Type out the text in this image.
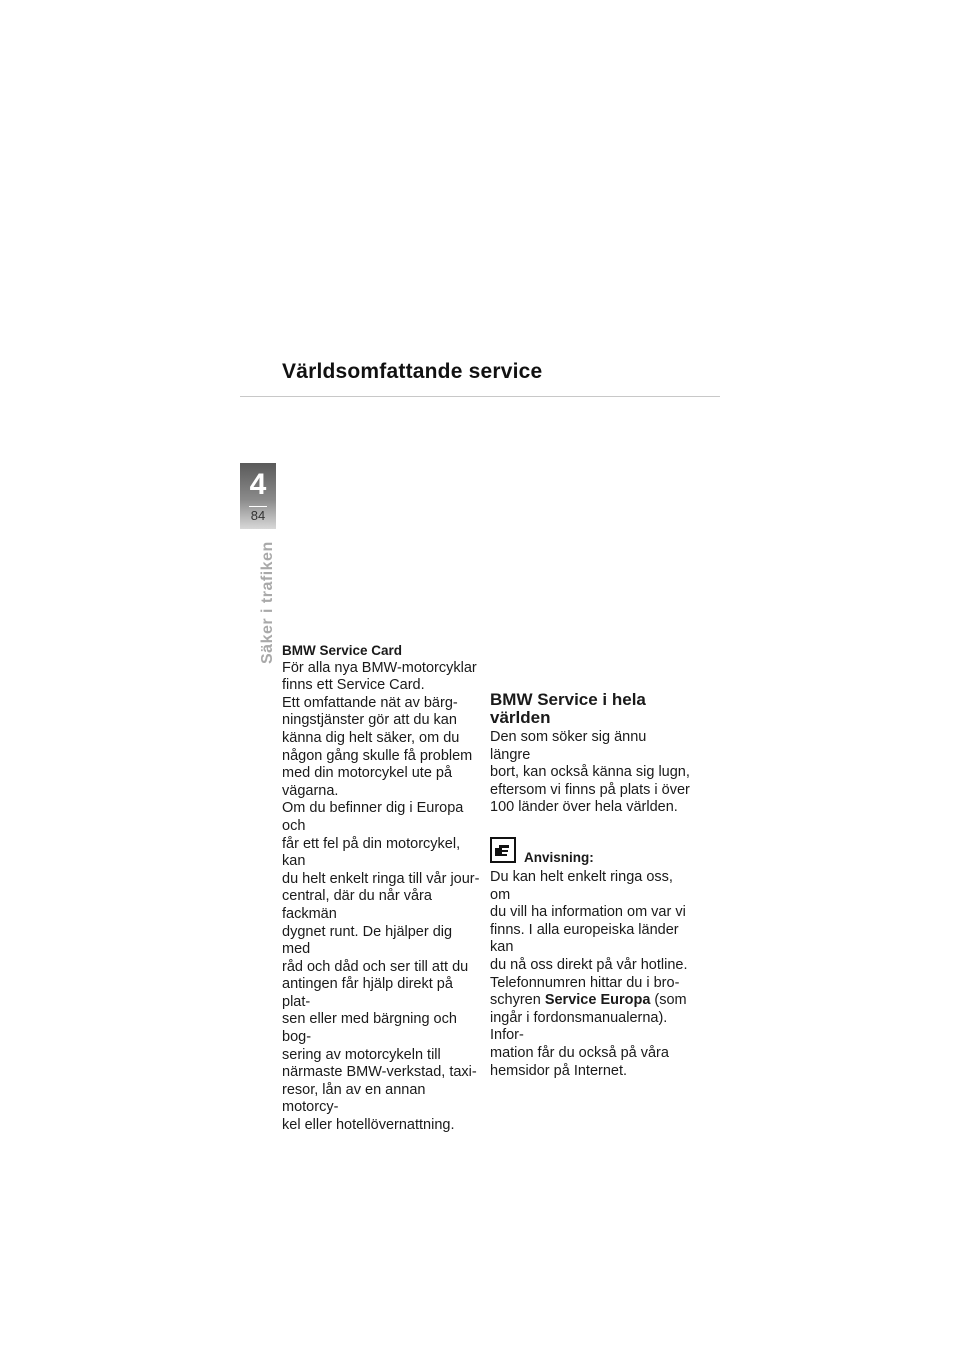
Världsomfattande service
4
84
Säker i trafiken BMW Service Card

För alla nya BMW-motorcyklar
finns ett Service Card.
Ett omfattande nät av bärg-
ningstjänster gör att du kan
känna dig helt säker, om du
någon gång skulle få problem
med din motorcykel ute på
vägarna.
Om du befinner dig i Europa och
får ett fel på din motorcykel, kan
du helt enkelt ringa till vår jour-
central, där du når våra fackmän
dygnet runt. De hjälper dig med
råd och dåd och ser till att du
antingen får hjälp direkt på plat-
sen eller med bärgning och bog-
sering av motorcykeln till
närmaste BMW-verkstad, taxi-
resor, lån av en annan motorcy-
kel eller hotellövernattning.

BMW Service i hela
världen

Den som söker sig ännu längre
bort, kan också känna sig lugn,
eftersom vi finns på plats i över
100 länder över hela världen.

Anvisning:

Du kan helt enkelt ringa oss, om
du vill ha information om var vi
finns. I alla europeiska länder kan
du nå oss direkt på vår hotline.
Telefonnumren hittar du i bro-
schyren Service Europa (som
ingår i fordonsmanualerna). Infor-
mation får du också på våra
hemsidor på Internet.
